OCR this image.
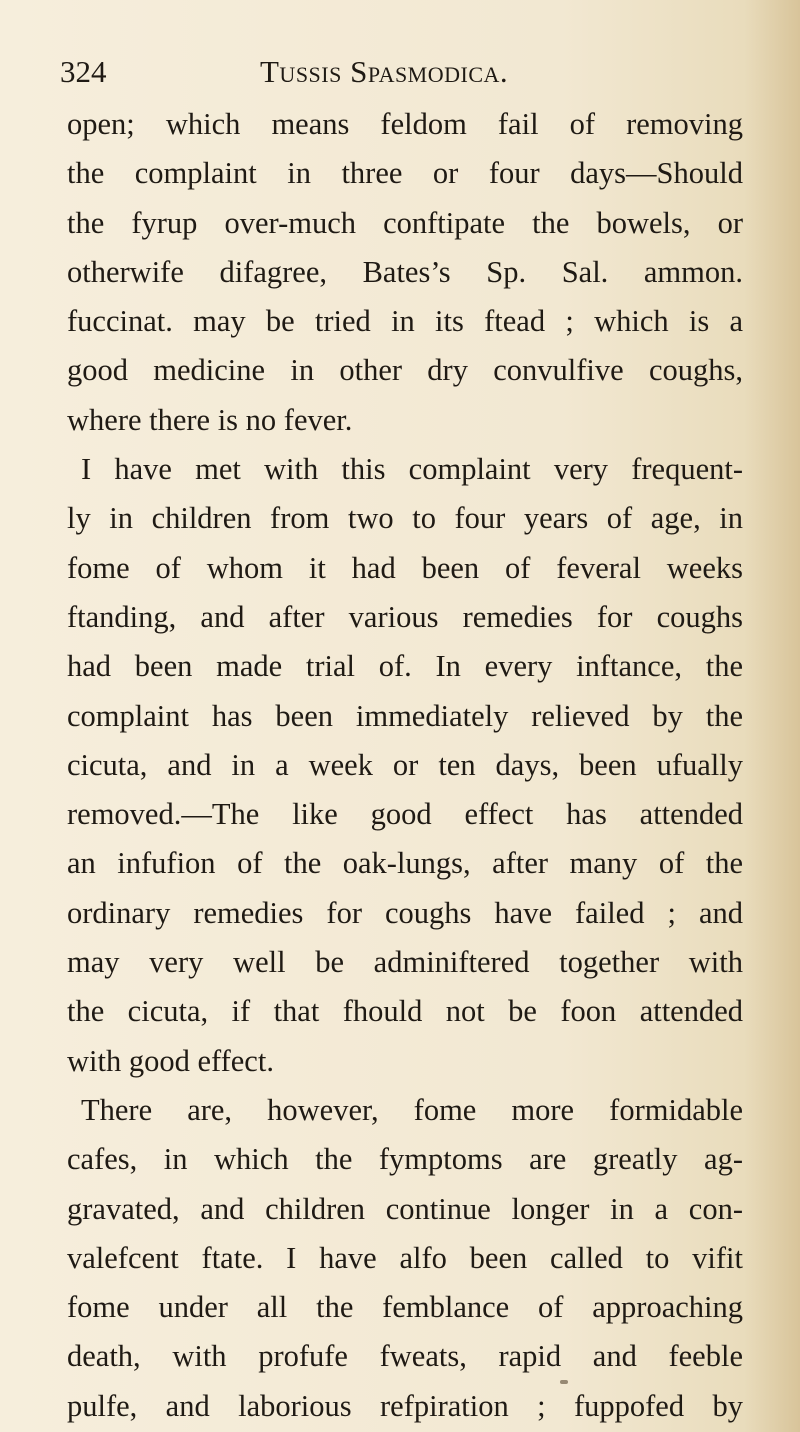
324	Tussis Spasmodica.
open; which means feldom fail of removing
the complaint in three or four days—Should
the fyrup over-much conftipate the bowels, or
otherwife difagree, Bates’s Sp. Sal. ammon.
fuccinat. may be tried in its ftead ; which is a
good medicine in other dry convulfive coughs,
where there is no fever.
I have met with this complaint very frequent-
ly in children from two to four years of age, in
fome of whom it had been of feveral weeks
ftanding, and after various remedies for coughs
had been made trial of. In every inftance, the
complaint has been immediately relieved by the
cicuta, and in a week or ten days, been ufually
removed.—The like good effect has attended
an infufion of the oak-lungs, after many of the
ordinary remedies for coughs have failed ; and
may very well be adminiftered together with
the cicuta, if that fhould not be foon attended
with good effect.
There are, however, fome more formidable
cafes, in which the fymptoms are greatly ag-
gravated, and children continue longer in a con-
valefcent ftate. I have alfo been called to vifit
fome under all the femblance of approaching
death, with profufe fweats, rapid and feeble
pulfe, and laborious refpiration ; fuppofed by
